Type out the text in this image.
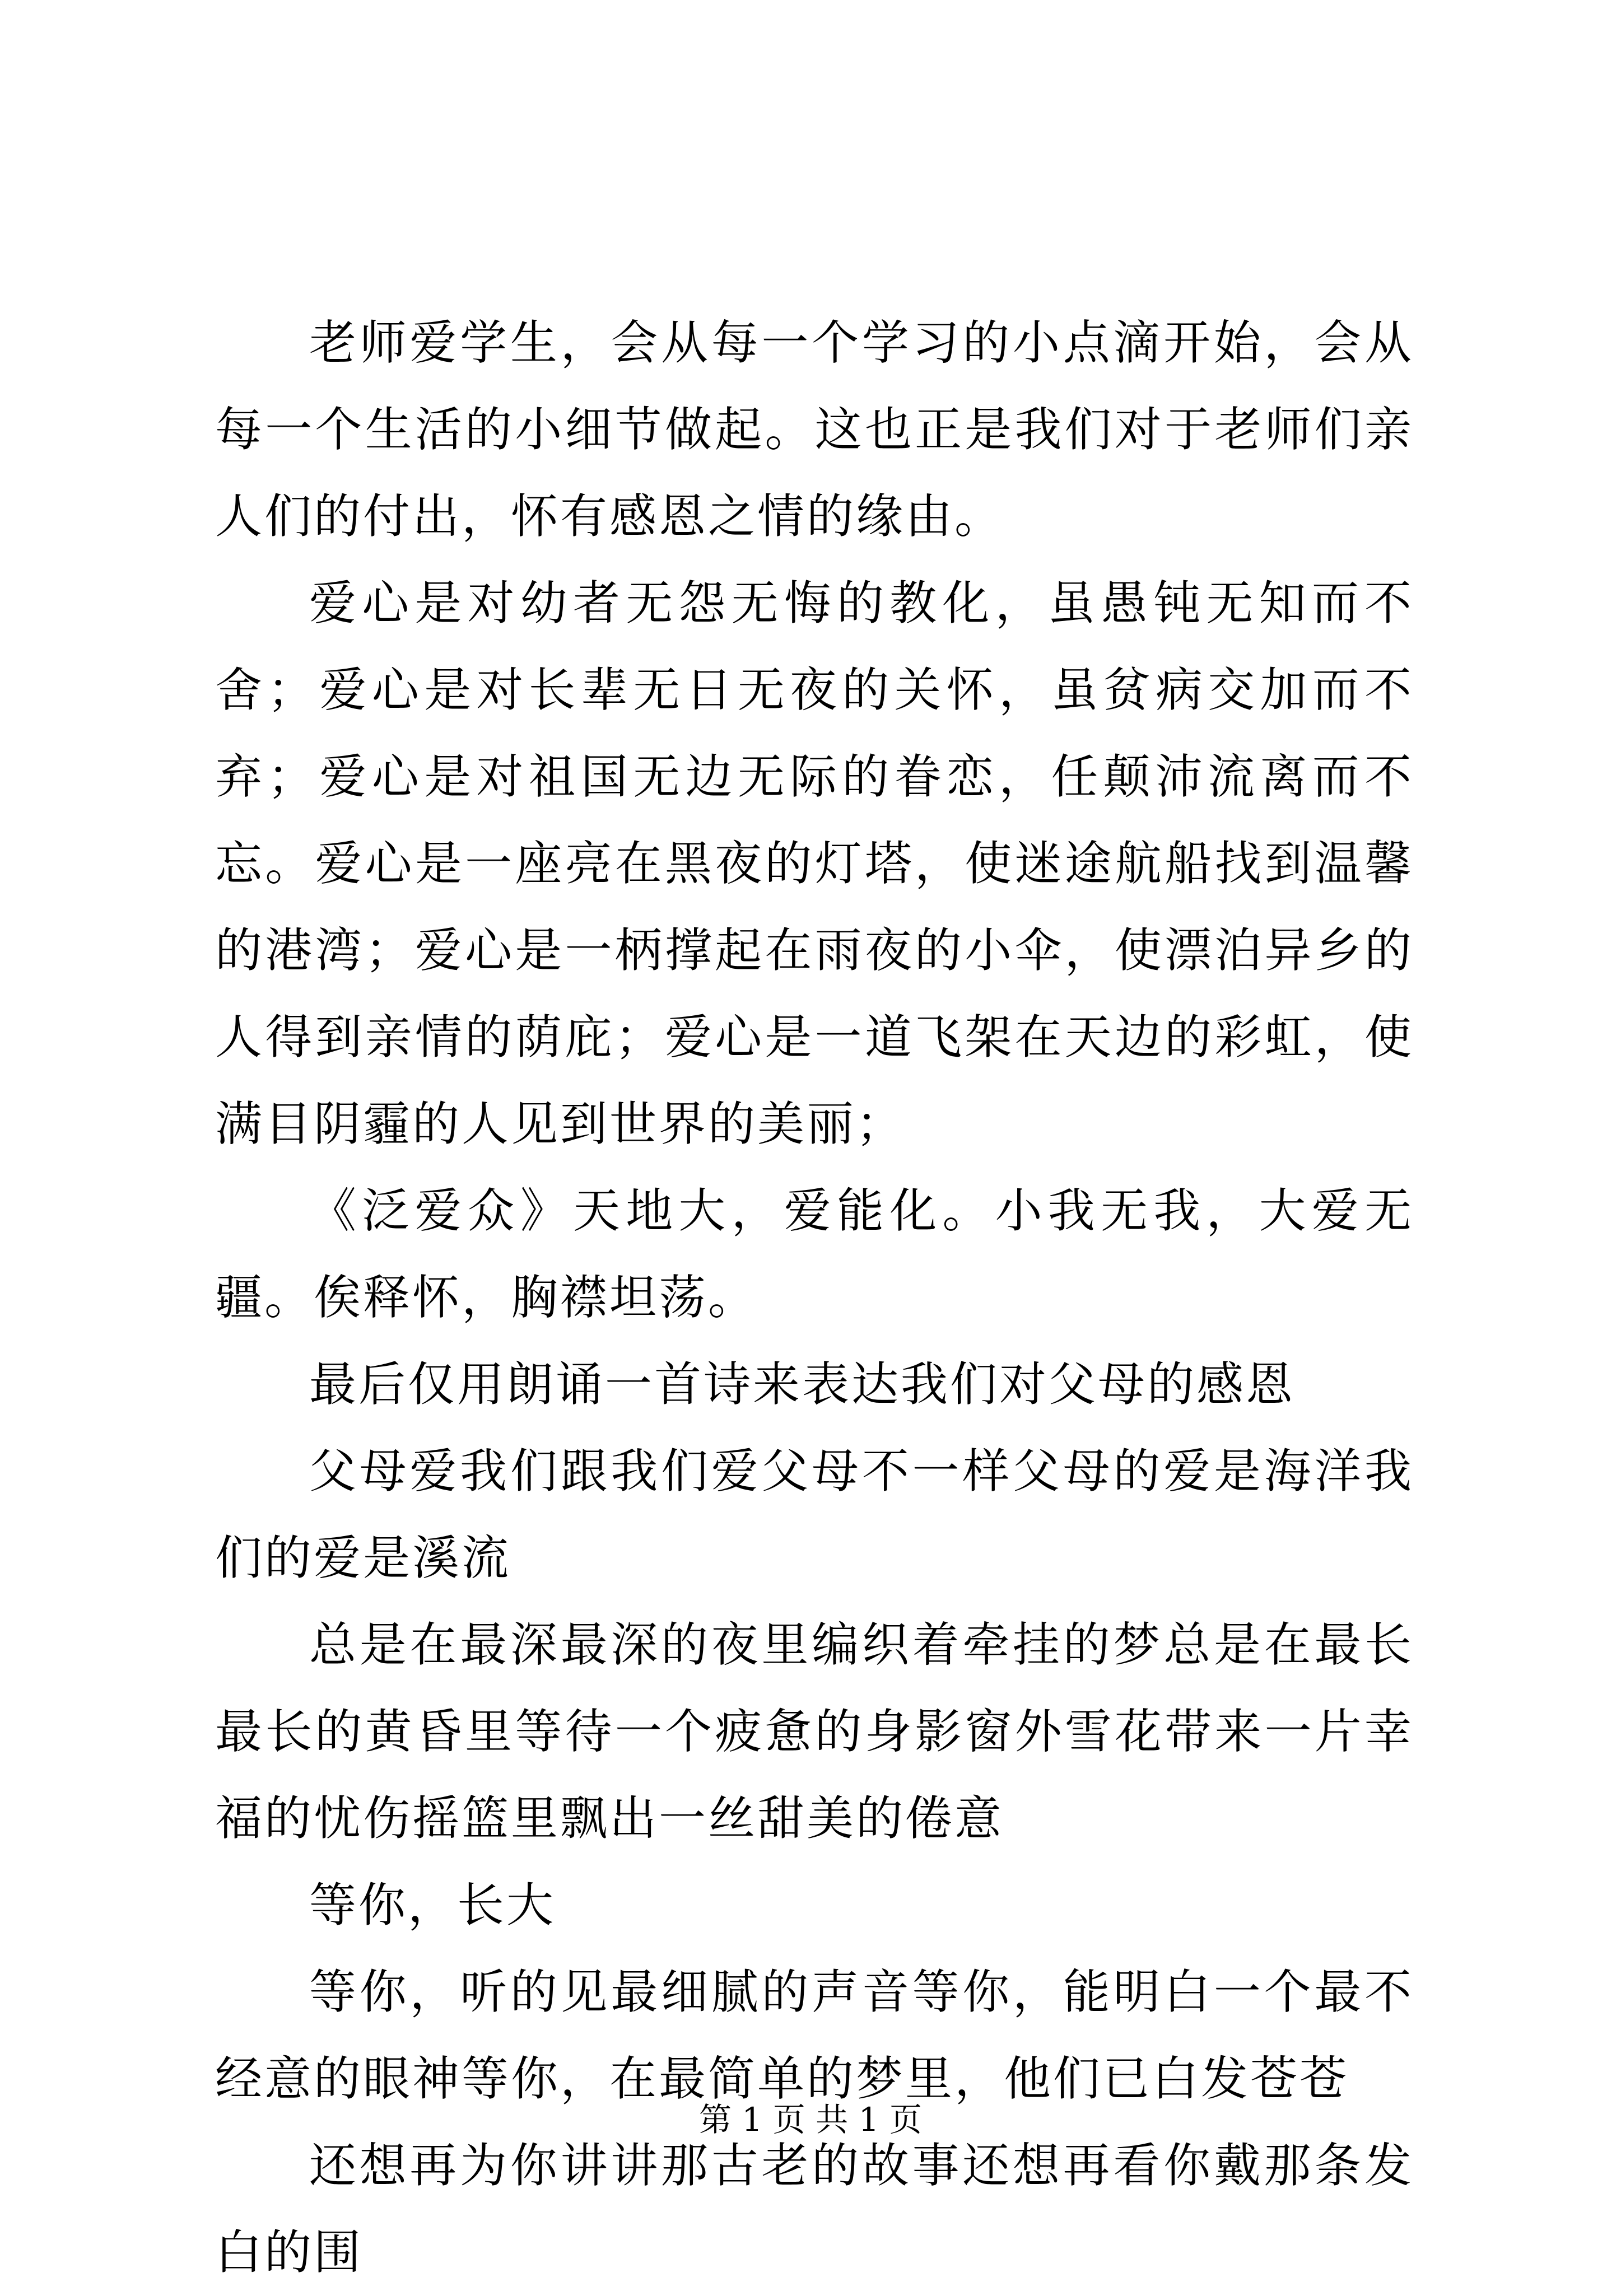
老师爱学生，会从每一个学习的小点滴开始，会从每一个生活的小细节做起。这也正是我们对于老师们亲人们的付出，怀有感恩之情的缘由。

爱心是对幼者无怨无悔的教化，虽愚钝无知而不舍；爱心是对长辈无日无夜的关怀，虽贫病交加而不弃；爱心是对祖国无边无际的眷恋，任颠沛流离而不忘。爱心是一座亮在黑夜的灯塔，使迷途航船找到温馨的港湾；爱心是一柄撑起在雨夜的小伞，使漂泊异乡的人得到亲情的荫庇；爱心是一道飞架在天边的彩虹，使满目阴霾的人见到世界的美丽；

《泛爱众》天地大，爱能化。小我无我，大爱无疆。俟释怀，胸襟坦荡。

最后仅用朗诵一首诗来表达我们对父母的感恩

父母爱我们跟我们爱父母不一样父母的爱是海洋我们的爱是溪流

总是在最深最深的夜里编织着牵挂的梦总是在最长最长的黄昏里等待一个疲惫的身影窗外雪花带来一片幸福的忧伤摇篮里飘出一丝甜美的倦意

等你，长大

等你，听的见最细腻的声音等你，能明白一个最不经意的眼神等你，在最简单的梦里，他们已白发苍苍

还想再为你讲讲那古老的故事还想再看你戴那条发白的围

第 1 页 共 1 页
